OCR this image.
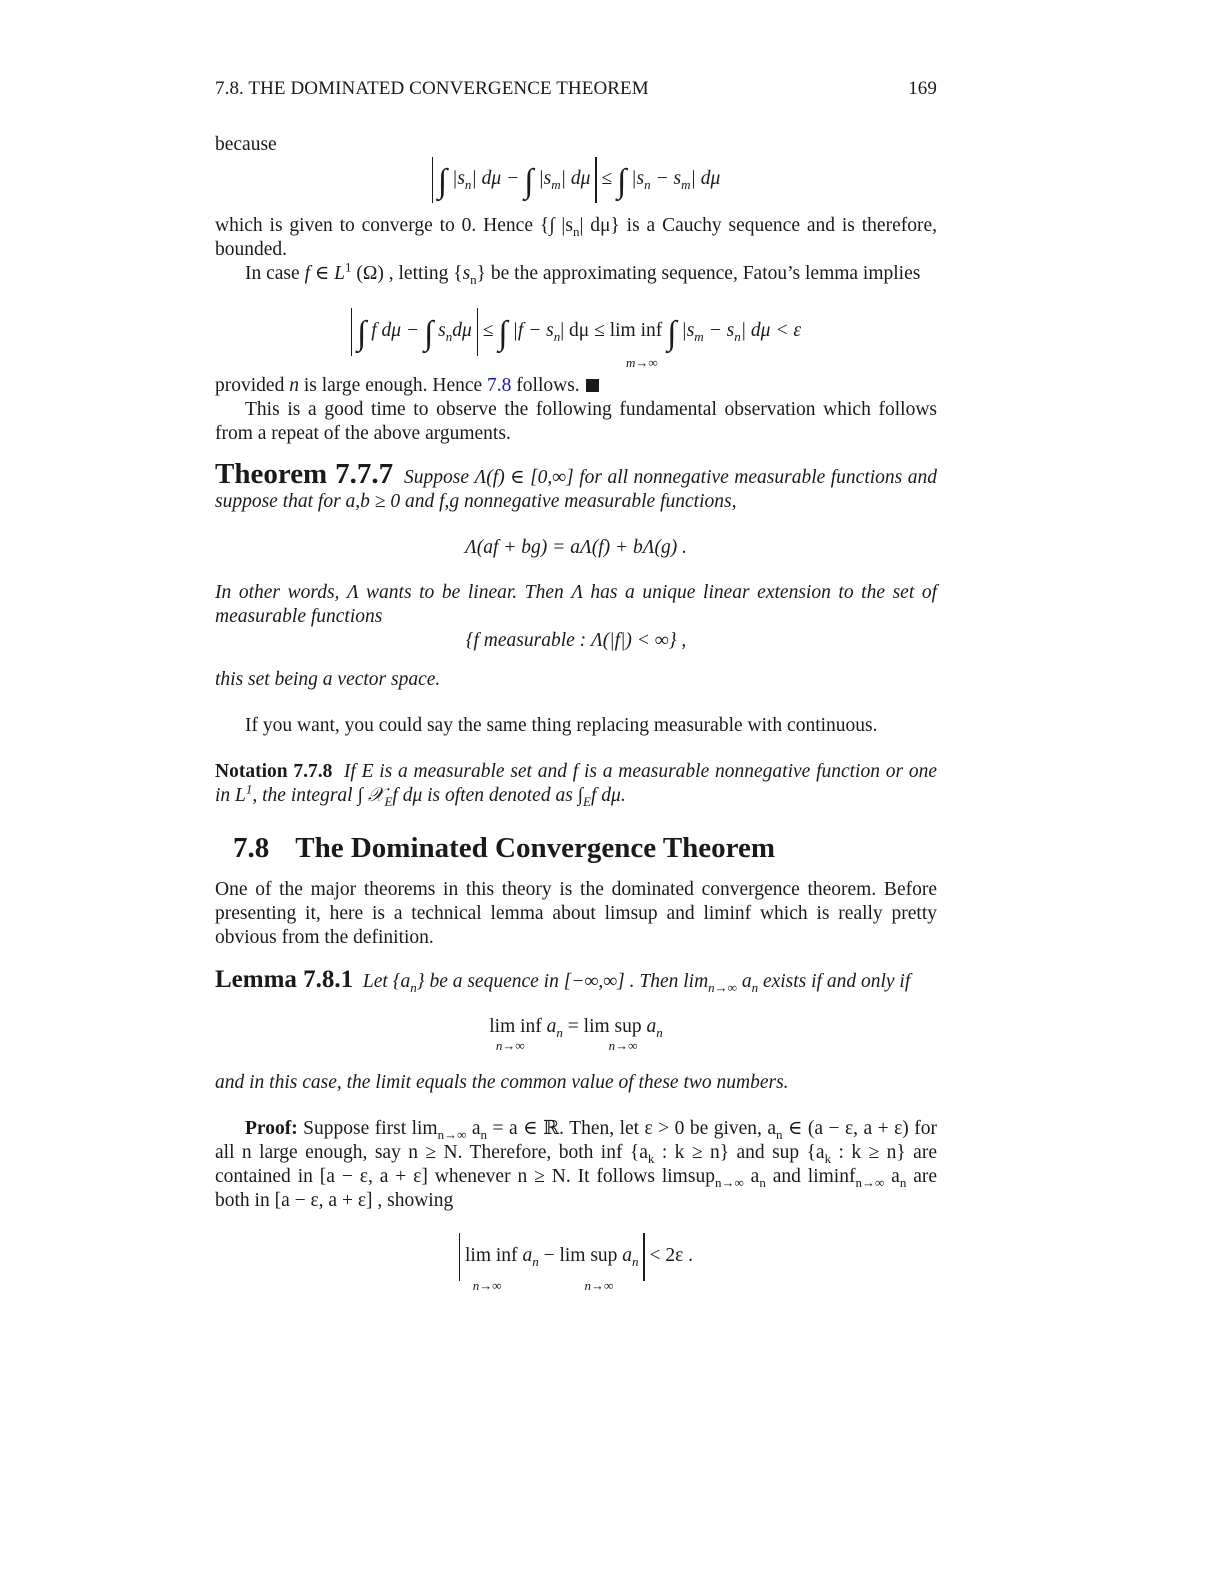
7.8. THE DOMINATED CONVERGENCE THEOREM	169
because
∫ $|s_n|$ dμ − ∫ $|s_m|$ dμ ≤ ∫ $|s_n - s_m|$ dμ
which is given to converge to 0. Hence {∫ $|s_n|$ dμ} is a Cauchy sequence and is therefore, bounded.
In case f ∈ $L^1$ (Ω) , letting $\{s_n\}$ be the approximating sequence, Fatou’s lemma implies
∫ f dμ − ∫ $s_nd\mu$ ≤ ∫ $|f - s_n|$ dμ ≤ lim inf
m→∞
∫ $|s_m - s_n|$ dμ < ε
provided n is large enough. Hence 7.8 follows.
This is a good time to observe the following fundamental observation which follows from a repeat of the above arguments.
Theorem 7.7.7 Suppose Λ(f) ∈ [0,∞] for all nonnegative measurable functions and suppose that for a,b ≥ 0 and f,g nonnegative measurable functions,
Λ(af + bg) = aΛ(f) + bΛ(g) .
In other words, Λ wants to be linear. Then Λ has a unique linear extension to the set of measurable functions
{f measurable : Λ(|f|) < ∞} ,
this set being a vector space.
If you want, you could say the same thing replacing measurable with continuous.
Notation 7.7.8 If E is a measurable set and f is a measurable nonnegative function or one in $L^1$, the integral ∫ 𝒳$_E$f dμ is often denoted as $\int_Ef$ dμ.
7.8 The Dominated Convergence Theorem
One of the major theorems in this theory is the dominated convergence theorem. Before presenting it, here is a technical lemma about limsup and liminf which is really pretty obvious from the definition.
Lemma 7.8.1 Let $\{a_n\}$ be a sequence in [−∞,∞] . Then $\lim_{n\to\infty} a_n$ exists if and only if
lim inf
n→∞
$a_n = \lim$ sup
n→∞
$a_n$
and in this case, the limit equals the common value of these two numbers.
Proof: Suppose first $\lim_{n\to\infty} a_n = a$ ∈ ℝ. Then, let ε > 0 be given, $a_n$ ∈ (a − ε, a + ε) for all n large enough, say n ≥ N. Therefore, both inf {$a_k$ : k ≥ n} and sup {$a_k$ : k ≥ n} are contained in [a − ε, a + ε] whenever n ≥ N. It follows limsup$_{n\to\infty}$ $a_n$ and liminf$_{n\to\infty}$ $a_n$ are both in [a − ε, a + ε] , showing
lim inf
n→∞
$a_n - \lim$ sup
n→∞
$a_n < 2\varepsilon$ .
